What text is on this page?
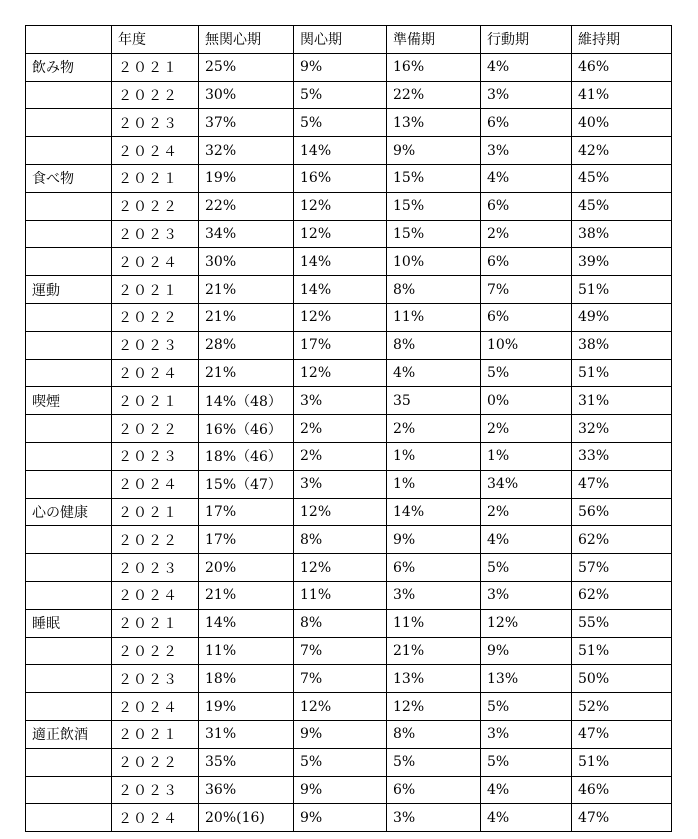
	年度	無関心期	関心期	準備期	行動期	維持期
飲み物	２０２１	25%	9%	16%	4%	46%
	２０２２	30%	5%	22%	3%	41%
	２０２３	37%	5%	13%	6%	40%
	２０２４	32%	14%	9%	3%	42%
食べ物	２０２１	19%	16%	15%	4%	45%
	２０２２	22%	12%	15%	6%	45%
	２０２３	34%	12%	15%	2%	38%
	２０２４	30%	14%	10%	6%	39%
運動	２０２１	21%	14%	8%	7%	51%
	２０２２	21%	12%	11%	6%	49%
	２０２３	28%	17%	8%	10%	38%
	２０２４	21%	12%	4%	5%	51%
喫煙	２０２１	14%（48）	3%	35	0%	31%
	２０２２	16%（46）	2%	2%	2%	32%
	２０２３	18%（46）	2%	1%	1%	33%
	２０２４	15%（47）	3%	1%	34%	47%
心の健康	２０２１	17%	12%	14%	2%	56%
	２０２２	17%	8%	9%	4%	62%
	２０２３	20%	12%	6%	5%	57%
	２０２４	21%	11%	3%	3%	62%
睡眠	２０２１	14%	8%	11%	12%	55%
	２０２２	11%	7%	21%	9%	51%
	２０２３	18%	7%	13%	13%	50%
	２０２４	19%	12%	12%	5%	52%
適正飲酒	２０２１	31%	9%	8%	3%	47%
	２０２２	35%	5%	5%	5%	51%
	２０２３	36%	9%	6%	4%	46%
	２０２４	20%(16)	9%	3%	4%	47%
